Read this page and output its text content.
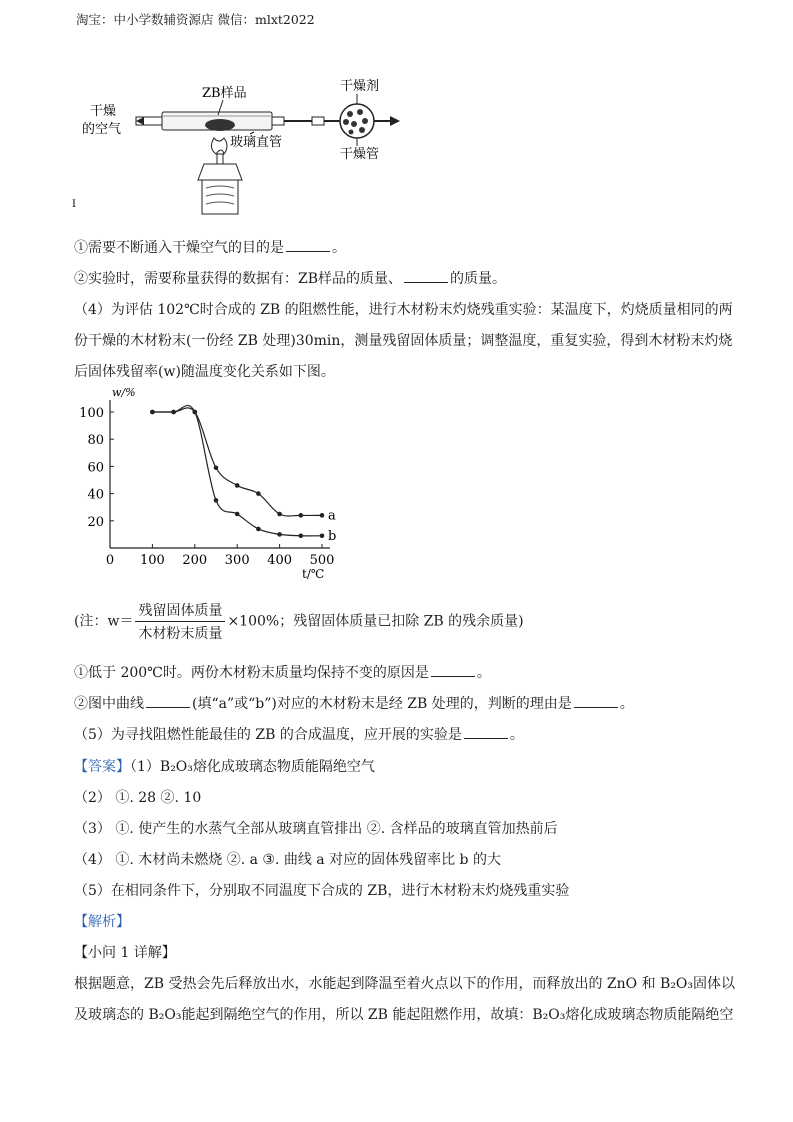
淘宝：中小学数辅资源店 微信：mlxt2022
干燥
的空气
ZB样品
玻璃直管
干燥剂
干燥管
I
①需要不断通入干燥空气的目的是	。
②实验时，需要称量获得的数据有：ZB样品的质量、	的质量。
（4）为评估 102℃时合成的 ZB 的阻燃性能，进行木材粉末灼烧残重实验：某温度下，灼烧质量相同的两
份干燥的木材粉末(一份经 ZB 处理)30min，测量残留固体质量；调整温度，重复实验，得到木材粉末灼烧
后固体残留率(w)随温度变化关系如下图。
w/%
t/℃
20
40
60
80
100
0 100 200 300 400 500
a
b
(注：$w= \frac{\text{残留固体质量}}{\text{木材粉末质量}} \times 100\%$；残留固体质量已扣除 ZB 的残余质量)
①低于 200℃时。两份木材粉末质量均保持不变的原因是	。
②图中曲线	(填“a”或“b”)对应的木材粉末是经 ZB 处理的，判断的理由是	。
（5）为寻找阻燃性能最佳的 ZB 的合成温度，应开展的实验是	。
【答案】（1）B₂O₃熔化成玻璃态物质能隔绝空气
（2） ①. 28 ②. 10
（3） ①. 使产生的水蒸气全部从玻璃直管排出 ②. 含样品的玻璃直管加热前后
（4） ①. 木材尚未燃烧 ②. a ③. 曲线 a 对应的固体残留率比 b 的大
（5）在相同条件下，分别取不同温度下合成的 ZB，进行木材粉末灼烧残重实验
【解析】
【小问 1 详解】
根据题意，ZB 受热会先后释放出水，水能起到降温至着火点以下的作用，而释放出的 ZnO 和 B₂O₃固体以
及玻璃态的 B₂O₃能起到隔绝空气的作用，所以 ZB 能起阻燃作用，故填：B₂O₃熔化成玻璃态物质能隔绝空
